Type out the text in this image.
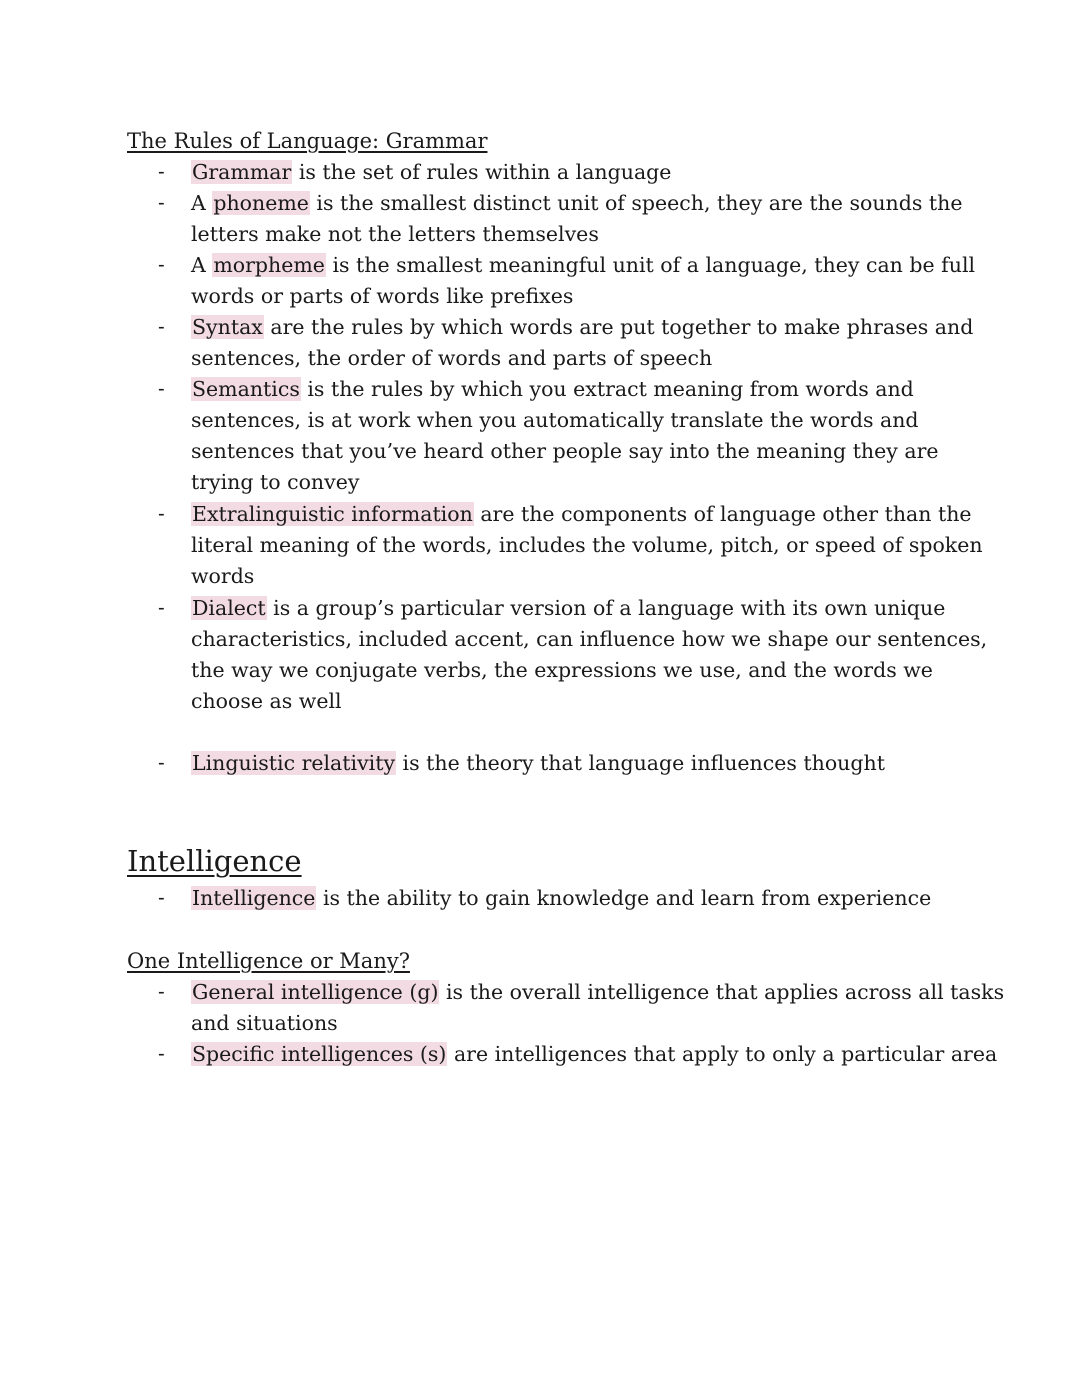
The Rules of Language: Grammar
- Grammar is the set of rules within a language
- A phoneme is the smallest distinct unit of speech, they are the sounds the
letters make not the letters themselves
- A morpheme is the smallest meaningful unit of a language, they can be full
words or parts of words like prefixes
- Syntax are the rules by which words are put together to make phrases and
sentences, the order of words and parts of speech
- Semantics is the rules by which you extract meaning from words and
sentences, is at work when you automatically translate the words and
sentences that you’ve heard other people say into the meaning they are
trying to convey
- Extralinguistic information are the components of language other than the
literal meaning of the words, includes the volume, pitch, or speed of spoken
words
- Dialect is a group’s particular version of a language with its own unique
characteristics, included accent, can influence how we shape our sentences,
the way we conjugate verbs, the expressions we use, and the words we
choose as well
- Linguistic relativity is the theory that language influences thought
Intelligence
- Intelligence is the ability to gain knowledge and learn from experience
One Intelligence or Many?
- General intelligence (g) is the overall intelligence that applies across all tasks
and situations
- Specific intelligences (s) are intelligences that apply to only a particular area
